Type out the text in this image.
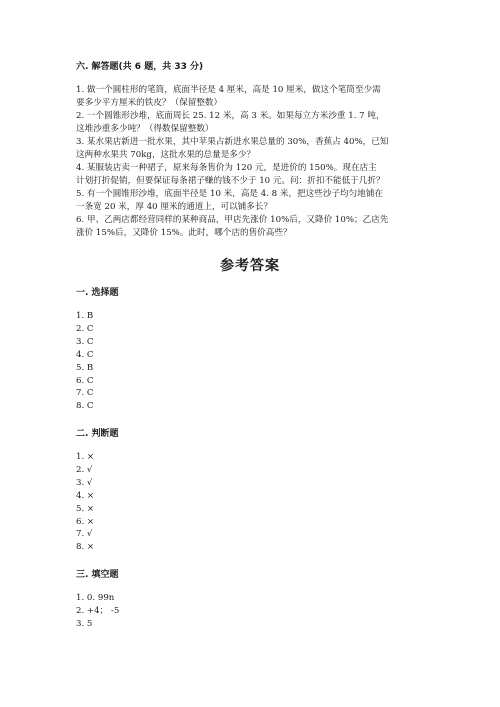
六. 解答题(共 6 题，共 33 分)
1. 做一个圆柱形的笔筒，底面半径是 4 厘米，高是 10 厘米，做这个笔筒至少需
要多少平方厘米的铁皮？（保留整数）
2. 一个圆锥形沙堆，底面周长 25. 12 米，高 3 米。如果每立方米沙重 1. 7 吨，
这堆沙重多少吨？（得数保留整数）
3. 某水果店新进一批水果，其中苹果占新进水果总量的 30%，香蕉占 40%，已知
这两种水果共 70kg，这批水果的总量是多少？
4. 某服装店卖一种裙子，原来每条售价为 120 元，是进价的 150%。现在店主
计划打折促销，但要保证每条裙子赚的钱不少于 10 元。问：折扣不能低于几折？
5. 有一个圆锥形沙堆，底面半径是 10 米，高是 4. 8 米，把这些沙子均匀地铺在
一条宽 20 米，厚 40 厘米的通道上，可以铺多长？
6. 甲、乙两店都经营同样的某种商品，甲店先涨价 10%后，又降价 10%；乙店先
涨价 15%后，又降价 15%。此时，哪个店的售价高些？
参考答案
一. 选择题
1. B
2. C
3. C
4. C
5. B
6. C
7. C
8. C
二. 判断题
1. ×
2. √
3. √
4. ×
5. ×
6. ×
7. √
8. ×
三. 填空题
1. 0. 99n
2. +4； -5
3. 5
